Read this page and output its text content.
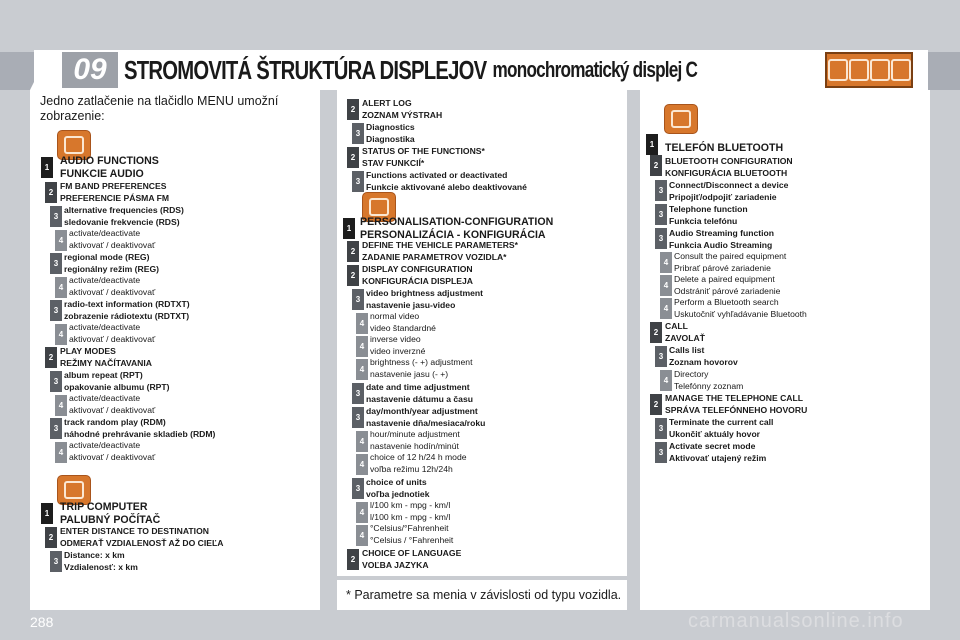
09 STROMOVITÁ ŠTRUKTÚRA DISPLEJOV monochromatický displej C
Jedno zatlačenie na tlačidlo MENU umožní zobrazenie:
1
AUDIO FUNCTIONS
FUNKCIE AUDIO
2
FM BAND PREFERENCES
PREFERENCIE PÁSMA FM
3
alternative frequencies (RDS)
sledovanie frekvencie (RDS)
4
activate/deactivate
aktivovať / deaktivovať
3
regional mode (REG)
regionálny režim (REG)
4
activate/deactivate
aktivovať / deaktivovať
3
radio-text information (RDTXT)
zobrazenie rádiotextu (RDTXT)
4
activate/deactivate
aktivovať / deaktivovať
2
PLAY MODES
REŽIMY NAČÍTAVANIA
3
album repeat (RPT)
opakovanie albumu (RPT)
4
activate/deactivate
aktivovať / deaktivovať
3
track random play (RDM)
náhodné prehrávanie skladieb (RDM)
4
activate/deactivate
aktivovať / deaktivovať
1
TRIP COMPUTER
PALUBNÝ POČÍTAČ
2
ENTER DISTANCE TO DESTINATION
ODMERAŤ VZDIALENOSŤ AŽ DO CIEĽA
3
Distance: x km
Vzdialenosť: x km
2
ALERT LOG
ZOZNAM VÝSTRAH
3
Diagnostics
Diagnostika
2
STATUS OF THE FUNCTIONS*
STAV FUNKCIÍ*
3
Functions activated or deactivated
Funkcie aktivované alebo deaktivované
1
PERSONALISATION-CONFIGURATION
PERSONALIZÁCIA - KONFIGURÁCIA
2
DEFINE THE VEHICLE PARAMETERS*
ZADANIE PARAMETROV VOZIDLA*
2
DISPLAY CONFIGURATION
KONFIGURÁCIA DISPLEJA
3
video brightness adjustment
nastavenie jasu-video
4
normal video
video štandardné
4
inverse video
video inverzné
4
brightness (- +) adjustment
nastavenie jasu (- +)
3
date and time adjustment
nastavenie dátumu a času
3
day/month/year adjustment
nastavenie dňa/mesiaca/roku
4
hour/minute adjustment
nastavenie hodín/minút
4
choice of 12 h/24 h mode
voľba režimu 12h/24h
3
choice of units
voľba jednotiek
4
l/100 km - mpg - km/l
l/100 km - mpg - km/l
4
°Celsius/°Fahrenheit
°Celsius / °Fahrenheit
2
CHOICE OF LANGUAGE
VOĽBA JAZYKA
* Parametre sa menia v závislosti od typu vozidla.
1	TELEFÓN BLUETOOTH
2 BLUETOOTH CONFIGURATION
KONFIGURÁCIA BLUETOOTH
3
Connect/Disconnect a device
Pripojiť/odpojiť zariadenie
3
Telephone function
Funkcia telefónu
3
Audio Streaming function
Funkcia Audio Streaming
4
Consult the paired equipment
Pribrať párové zariadenie
4
Delete a paired equipment
Odstrániť párové zariadenie
4
Perform a Bluetooth search
Uskutočniť vyhľadávanie Bluetooth
2
CALL
ZAVOLAŤ
3
Calls list
Zoznam hovorov
4
Directory
Telefónny zoznam
2
MANAGE THE TELEPHONE CALL
SPRÁVA TELEFÓNNEHO HOVORU
3
Terminate the current call
Ukončiť aktuály hovor
3
Activate secret mode
Aktivovať utajený režim
288	carmanualsonline.info
